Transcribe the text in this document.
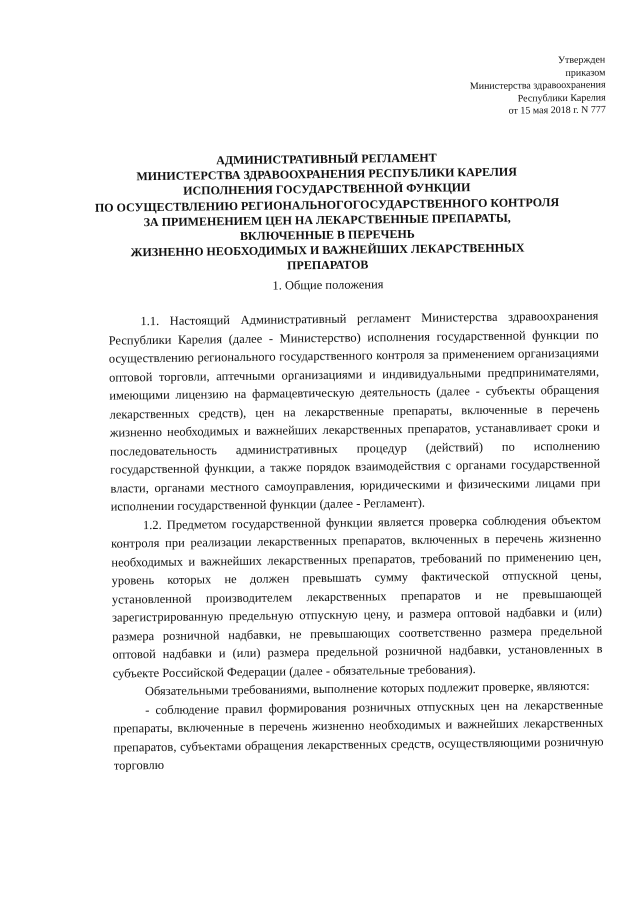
Утвержден
приказом
Министерства здравоохранения
Республики Карелия
от 15 мая 2018 г. N 777
АДМИНИСТРАТИВНЫЙ РЕГЛАМЕНТ
МИНИСТЕРСТВА ЗДРАВООХРАНЕНИЯ РЕСПУБЛИКИ КАРЕЛИЯ
ИСПОЛНЕНИЯ ГОСУДАРСТВЕННОЙ ФУНКЦИИ
ПО ОСУЩЕСТВЛЕНИЮ РЕГИОНАЛЬНОГОГОСУДАРСТВЕННОГО КОНТРОЛЯ
ЗА ПРИМЕНЕНИЕМ ЦЕН НА ЛЕКАРСТВЕННЫЕ ПРЕПАРАТЫ,
ВКЛЮЧЕННЫЕ В ПЕРЕЧЕНЬ
ЖИЗНЕННО НЕОБХОДИМЫХ И ВАЖНЕЙШИХ ЛЕКАРСТВЕННЫХ
ПРЕПАРАТОВ
1. Общие положения

1.1. Настоящий Административный регламент Министерства здравоохранения Республики Карелия (далее - Министерство) исполнения государственной функции по осуществлению регионального государственного контроля за применением организациями оптовой торговли, аптечными организациями и индивидуальными предпринимателями, имеющими лицензию на фармацевтическую деятельность (далее - субъекты обращения лекарственных средств), цен на лекарственные препараты, включенные в перечень жизненно необходимых и важнейших лекарственных препаратов, устанавливает сроки и последовательность административных процедур (действий) по исполнению государственной функции, а также порядок взаимодействия с органами государственной власти, органами местного самоуправления, юридическими и физическими лицами при исполнении государственной функции (далее - Регламент).

1.2. Предметом государственной функции является проверка соблюдения объектом контроля при реализации лекарственных препаратов, включенных в перечень жизненно необходимых и важнейших лекарственных препаратов, требований по применению цен, уровень которых не должен превышать сумму фактической отпускной цены, установленной производителем лекарственных препаратов и не превышающей зарегистрированную предельную отпускную цену, и размера оптовой надбавки и (или) размера розничной надбавки, не превышающих соответственно размера предельной оптовой надбавки и (или) размера предельной розничной надбавки, установленных в субъекте Российской Федерации (далее - обязательные требования).

Обязательными требованиями, выполнение которых подлежит проверке, являются:

- соблюдение правил формирования розничных отпускных цен на лекарственные препараты, включенные в перечень жизненно необходимых и важнейших лекарственных препаратов, субъектами обращения лекарственных средств, осуществляющими розничную торговлю
